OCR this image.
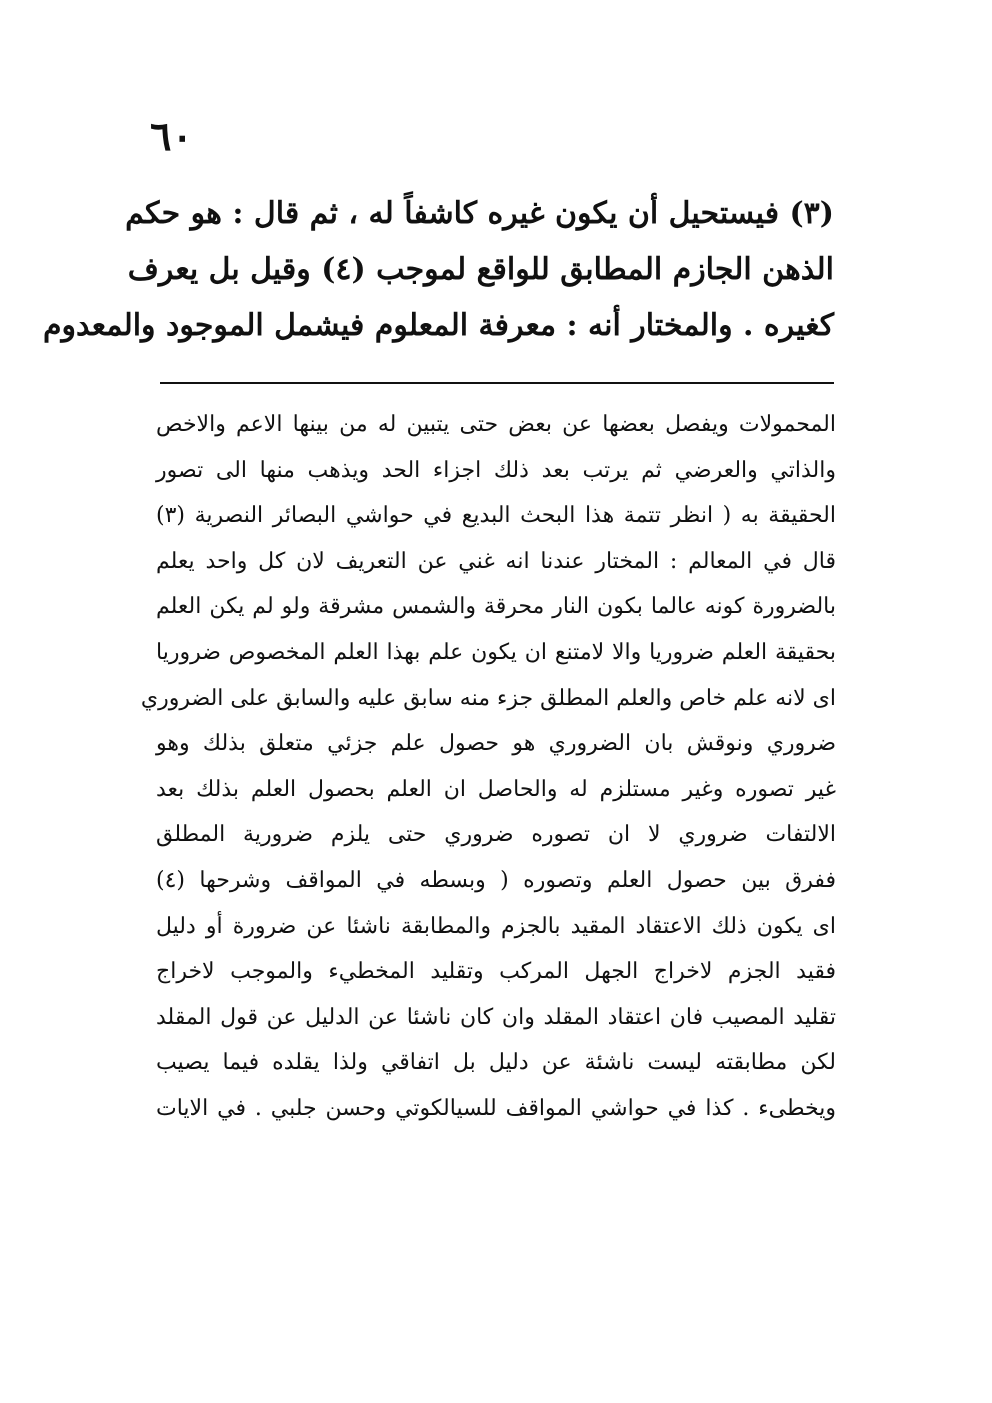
٦٠
(٣) فيستحيل أن يكون غيره كاشفاً له ، ثم قال : هو حكم
الذهن الجازم المطابق للواقع لموجب (٤) وقيل بل يعرف
كغيره . والمختار أنه : معرفة المعلوم فيشمل الموجود والمعدوم
المحمولات ويفصل بعضها عن بعض حتى يتبين له من بينها الاعم والاخص
والذاتي والعرضي ثم يرتب بعد ذلك اجزاء الحد ويذهب منها الى تصور
الحقيقة به ( انظر تتمة هذا البحث البديع في حواشي البصائر النصرية (٣)
قال في المعالم : المختار عندنا انه غني عن التعريف لان كل واحد يعلم
بالضرورة كونه عالما بكون النار محرقة والشمس مشرقة ولو لم يكن العلم
بحقيقة العلم ضروريا والا لامتنع ان يكون علم بهذا العلم المخصوص ضروريا
اى لانه علم خاص والعلم المطلق جزء منه سابق عليه والسابق على الضروري
ضروري ونوقش بان الضروري هو حصول علم جزئي متعلق بذلك وهو
غير تصوره وغير مستلزم له والحاصل ان العلم بحصول العلم بذلك بعد
الالتفات ضروري لا ان تصوره ضروري حتى يلزم ضرورية المطلق
ففرق بين حصول العلم وتصوره ( وبسطه في المواقف وشرحها (٤)
اى يكون ذلك الاعتقاد المقيد بالجزم والمطابقة ناشئا عن ضرورة أو دليل
فقيد الجزم لاخراج الجهل المركب وتقليد المخطيء والموجب لاخراج
تقليد المصيب فان اعتقاد المقلد وان كان ناشئا عن الدليل عن قول المقلد
لكن مطابقته ليست ناشئة عن دليل بل اتفاقي ولذا يقلده فيما يصيب
ويخطىء . كذا في حواشي المواقف للسيالكوتي وحسن جلبي . في الايات
